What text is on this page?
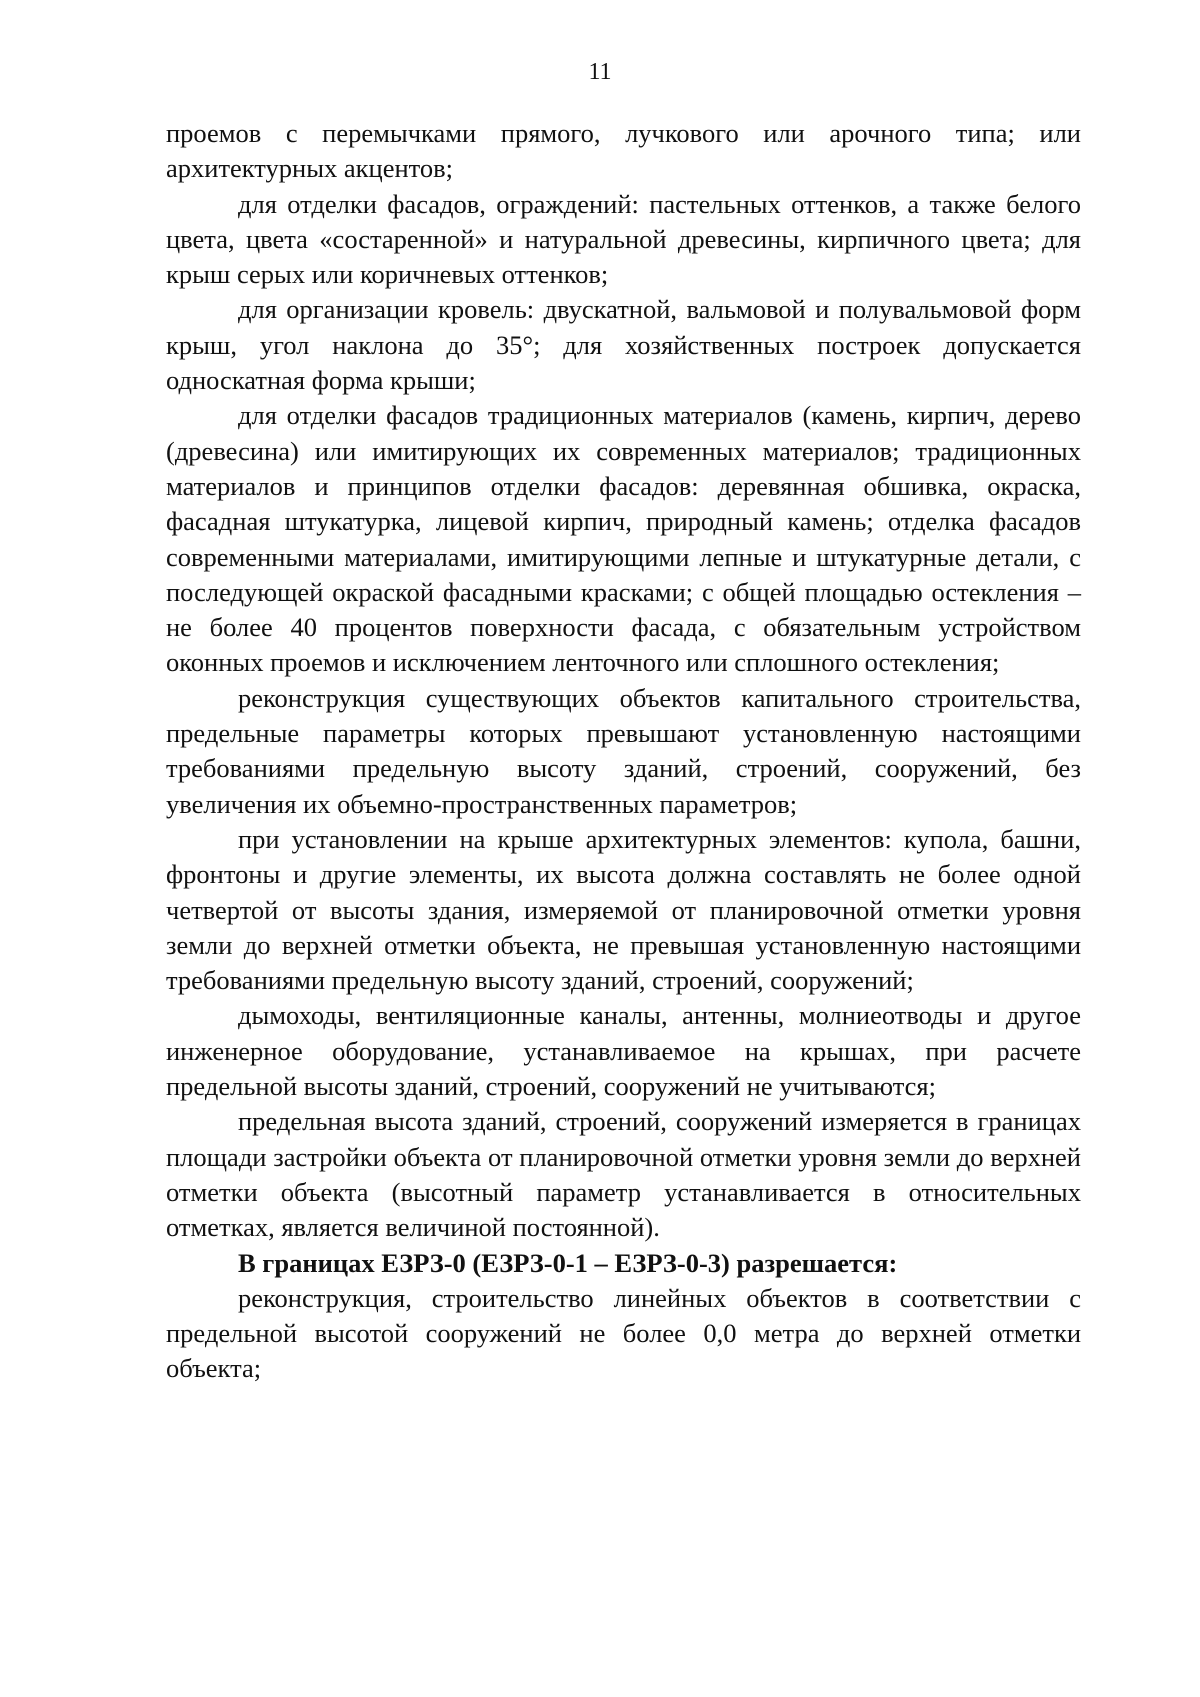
11

проемов с перемычками прямого, лучкового или арочного типа; или архитектурных акцентов;

для отделки фасадов, ограждений: пастельных оттенков, а также белого цвета, цвета «состаренной» и натуральной древесины, кирпичного цвета; для крыш серых или коричневых оттенков;

для организации кровель: двускатной, вальмовой и полувальмовой форм крыш, угол наклона до 35°; для хозяйственных построек допускается односкатная форма крыши;

для отделки фасадов традиционных материалов (камень, кирпич, дерево (древесина) или имитирующих их современных материалов; традиционных материалов и принципов отделки фасадов: деревянная обшивка, окраска, фасадная штукатурка, лицевой кирпич, природный камень; отделка фасадов современными материалами, имитирующими лепные и штукатурные детали, с последующей окраской фасадными красками; с общей площадью остекления – не более 40 процентов поверхности фасада, с обязательным устройством оконных проемов и исключением ленточного или сплошного остекления;

реконструкция существующих объектов капитального строительства, предельные параметры которых превышают установленную настоящими требованиями предельную высоту зданий, строений, сооружений, без увеличения их объемно-пространственных параметров;

при установлении на крыше архитектурных элементов: купола, башни, фронтоны и другие элементы, их высота должна составлять не более одной четвертой от высоты здания, измеряемой от планировочной отметки уровня земли до верхней отметки объекта, не превышая установленную настоящими требованиями предельную высоту зданий, строений, сооружений;

дымоходы, вентиляционные каналы, антенны, молниеотводы и другое инженерное оборудование, устанавливаемое на крышах, при расчете предельной высоты зданий, строений, сооружений не учитываются;

предельная высота зданий, строений, сооружений измеряется в границах площади застройки объекта от планировочной отметки уровня земли до верхней отметки объекта (высотный параметр устанавливается в относительных отметках, является величиной постоянной).

В границах ЕЗРЗ-0 (ЕЗРЗ-0-1 – ЕЗРЗ-0-3) разрешается:

реконструкция, строительство линейных объектов в соответствии с предельной высотой сооружений не более 0,0 метра до верхней отметки объекта;
